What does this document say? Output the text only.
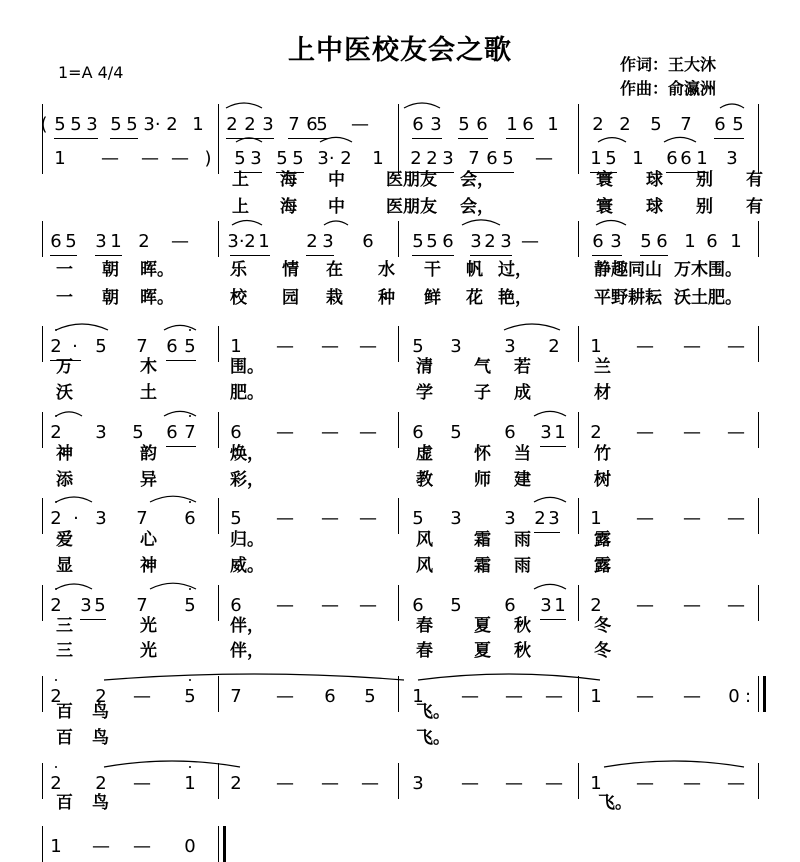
上中医校友会之歌
1=A 4/4	作词：王大沐
作曲：俞瀛洲
( 5 5 3 5 5 3· 2 1 2 2 3 7 6
5 — 6 3 5 6 1 6 1 2 2 5 7 6 5
1 — — — ) 5 3 5 5 3· 2 1 2 2 3 7 6 5 — 1 5 1 6 6 1 3
上 海 中 医朋友 会，	寰 球 别 有
上 海 中 医朋友 会，	寰 球 别 有
6 5 3 1 2 — 3· 2 1 2 3 6 5 5 6 3 2 3 —	6 3 5 6 1 6 1
一 朝 晖。	乐 情 在 水 干 帆 过，	静趣同山 万木 围。
一 朝 晖。	校 园 栽 种 鲜 花 艳，	平野耕耘 沃土 肥。
2 · 5 7 6 5 1 — — — 5 3 3 2 1 — — —
万	木	围。	清 气 若	兰
沃	土	肥。	学 子 成	材
2 3 5 6 7 6 — — — 6 5 6 3 1 2 — — —
神	韵	焕，	虚 怀 当	竹
添	异	彩，	教 师 建	树
2 · 3 7 6 5 — — — 5 3 3 2 3 1 — — —
爱	心	归。	风 霜 雨	露
显	神	威。	风 霜 雨	露
2 3 5 7 5 6 — — — 6 5 6 3 1 2 — — —
三	光	伴，	春 夏 秋	冬
三	光	伴，	春 夏 秋	冬
2 2 — 5 7 — 6 5 1 — — — 1 — — 0 :
百 鸟	飞。
百 鸟	飞。
2 2 — 1 2 — — — 3 — — — 1 — — —
百 鸟	飞。
1 — — 0
